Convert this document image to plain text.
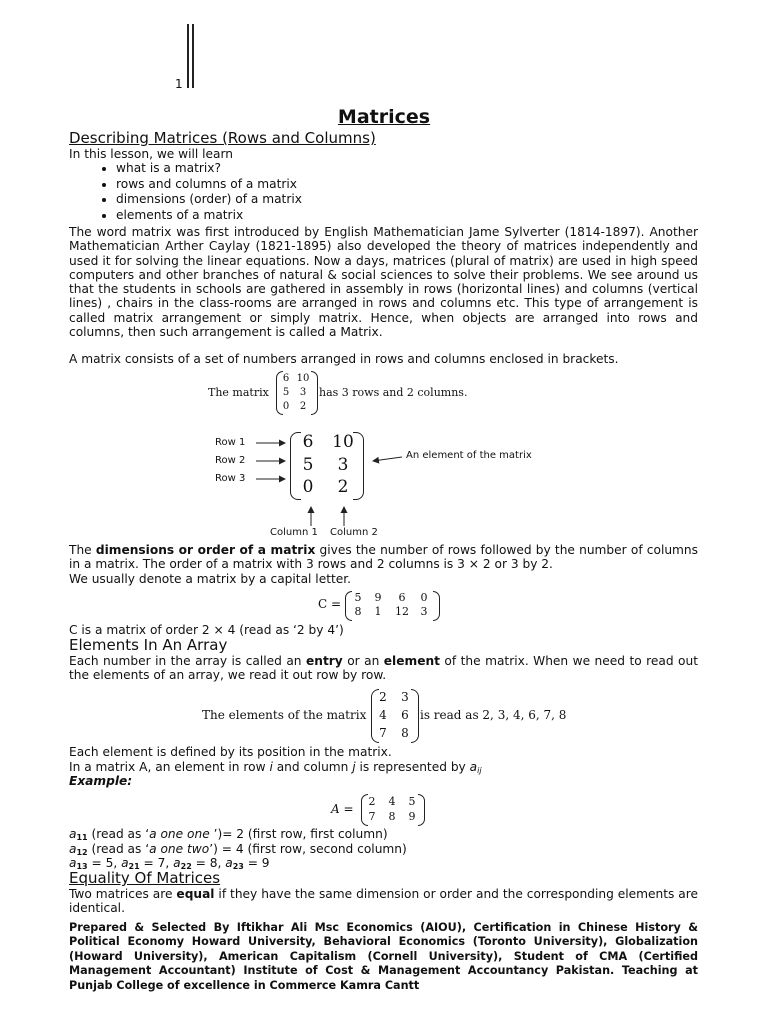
1
Matrices
Describing Matrices (Rows and Columns)
In this lesson, we will learn
• what is a matrix?
• rows and columns of a matrix
• dimensions (order) of a matrix
• elements of a matrix
The word matrix was first introduced by English Mathematician Jame Sylverter (1814-1897). Another Mathematician Arther Caylay (1821-1895) also developed the theory of matrices independently and used it for solving the linear equations. Now a days, matrices (plural of matrix) are used in high speed computers and other branches of natural & social sciences to solve their problems. We see around us that the students in schools are gathered in assembly in rows (horizontal lines) and columns (vertical lines) , chairs in the class-rooms are arranged in rows and columns etc. This type of arrangement is called matrix arrangement or simply matrix. Hence, when objects are arranged into rows and columns, then such arrangement is called a Matrix.
A matrix consists of a set of numbers arranged in rows and columns enclosed in brackets.
The matrix
6 10
5	3
0	2
has 3 rows and 2 columns.
Row 1
Row 2
Row 3
6	10
5	3
0	2
An element of the matrix
Column 1 Column 2
The dimensions or order of a matrix gives the number of rows followed by the number of columns in a matrix. The order of a matrix with 3 rows and 2 columns is 3 × 2 or 3 by 2.
We usually denote a matrix by a capital letter.
C =	5	9	6	0
8	1	12	3
C is a matrix of order 2 × 4 (read as ‘2 by 4’)
Elements In An Array
Each number in the array is called an entry or an element of the matrix. When we need to read out the elements of an array, we read it out row by row.
The elements of the matrix
2 3
4 6
7 8
is read as 2, 3, 4, 6, 7, 8
Each element is defined by its position in the matrix.
In a matrix A, an element in row i and column j is represented by $a_{ij}$
Example:
A =
2 4 5
7 8 9
$a_{11}$ (read as ‘a one one ’)= 2 (first row, first column)
$a_{12}$ (read as ‘a one two’) = 4 (first row, second column)
$a_{13} = 5$, $a_{21} = 7$, $a_{22} = 8$, $a_{23} = 9$
Equality Of Matrices
Two matrices are equal if they have the same dimension or order and the corresponding elements are identical.
Prepared & Selected By Iftikhar Ali Msc Economics (AIOU), Certification in Chinese History & Political Economy Howard University, Behavioral Economics (Toronto University), Globalization (Howard University), American Capitalism (Cornell University), Student of CMA (Certified Management Accountant) Institute of Cost & Management Accountancy Pakistan. Teaching at Punjab College of excellence in Commerce Kamra Cantt
